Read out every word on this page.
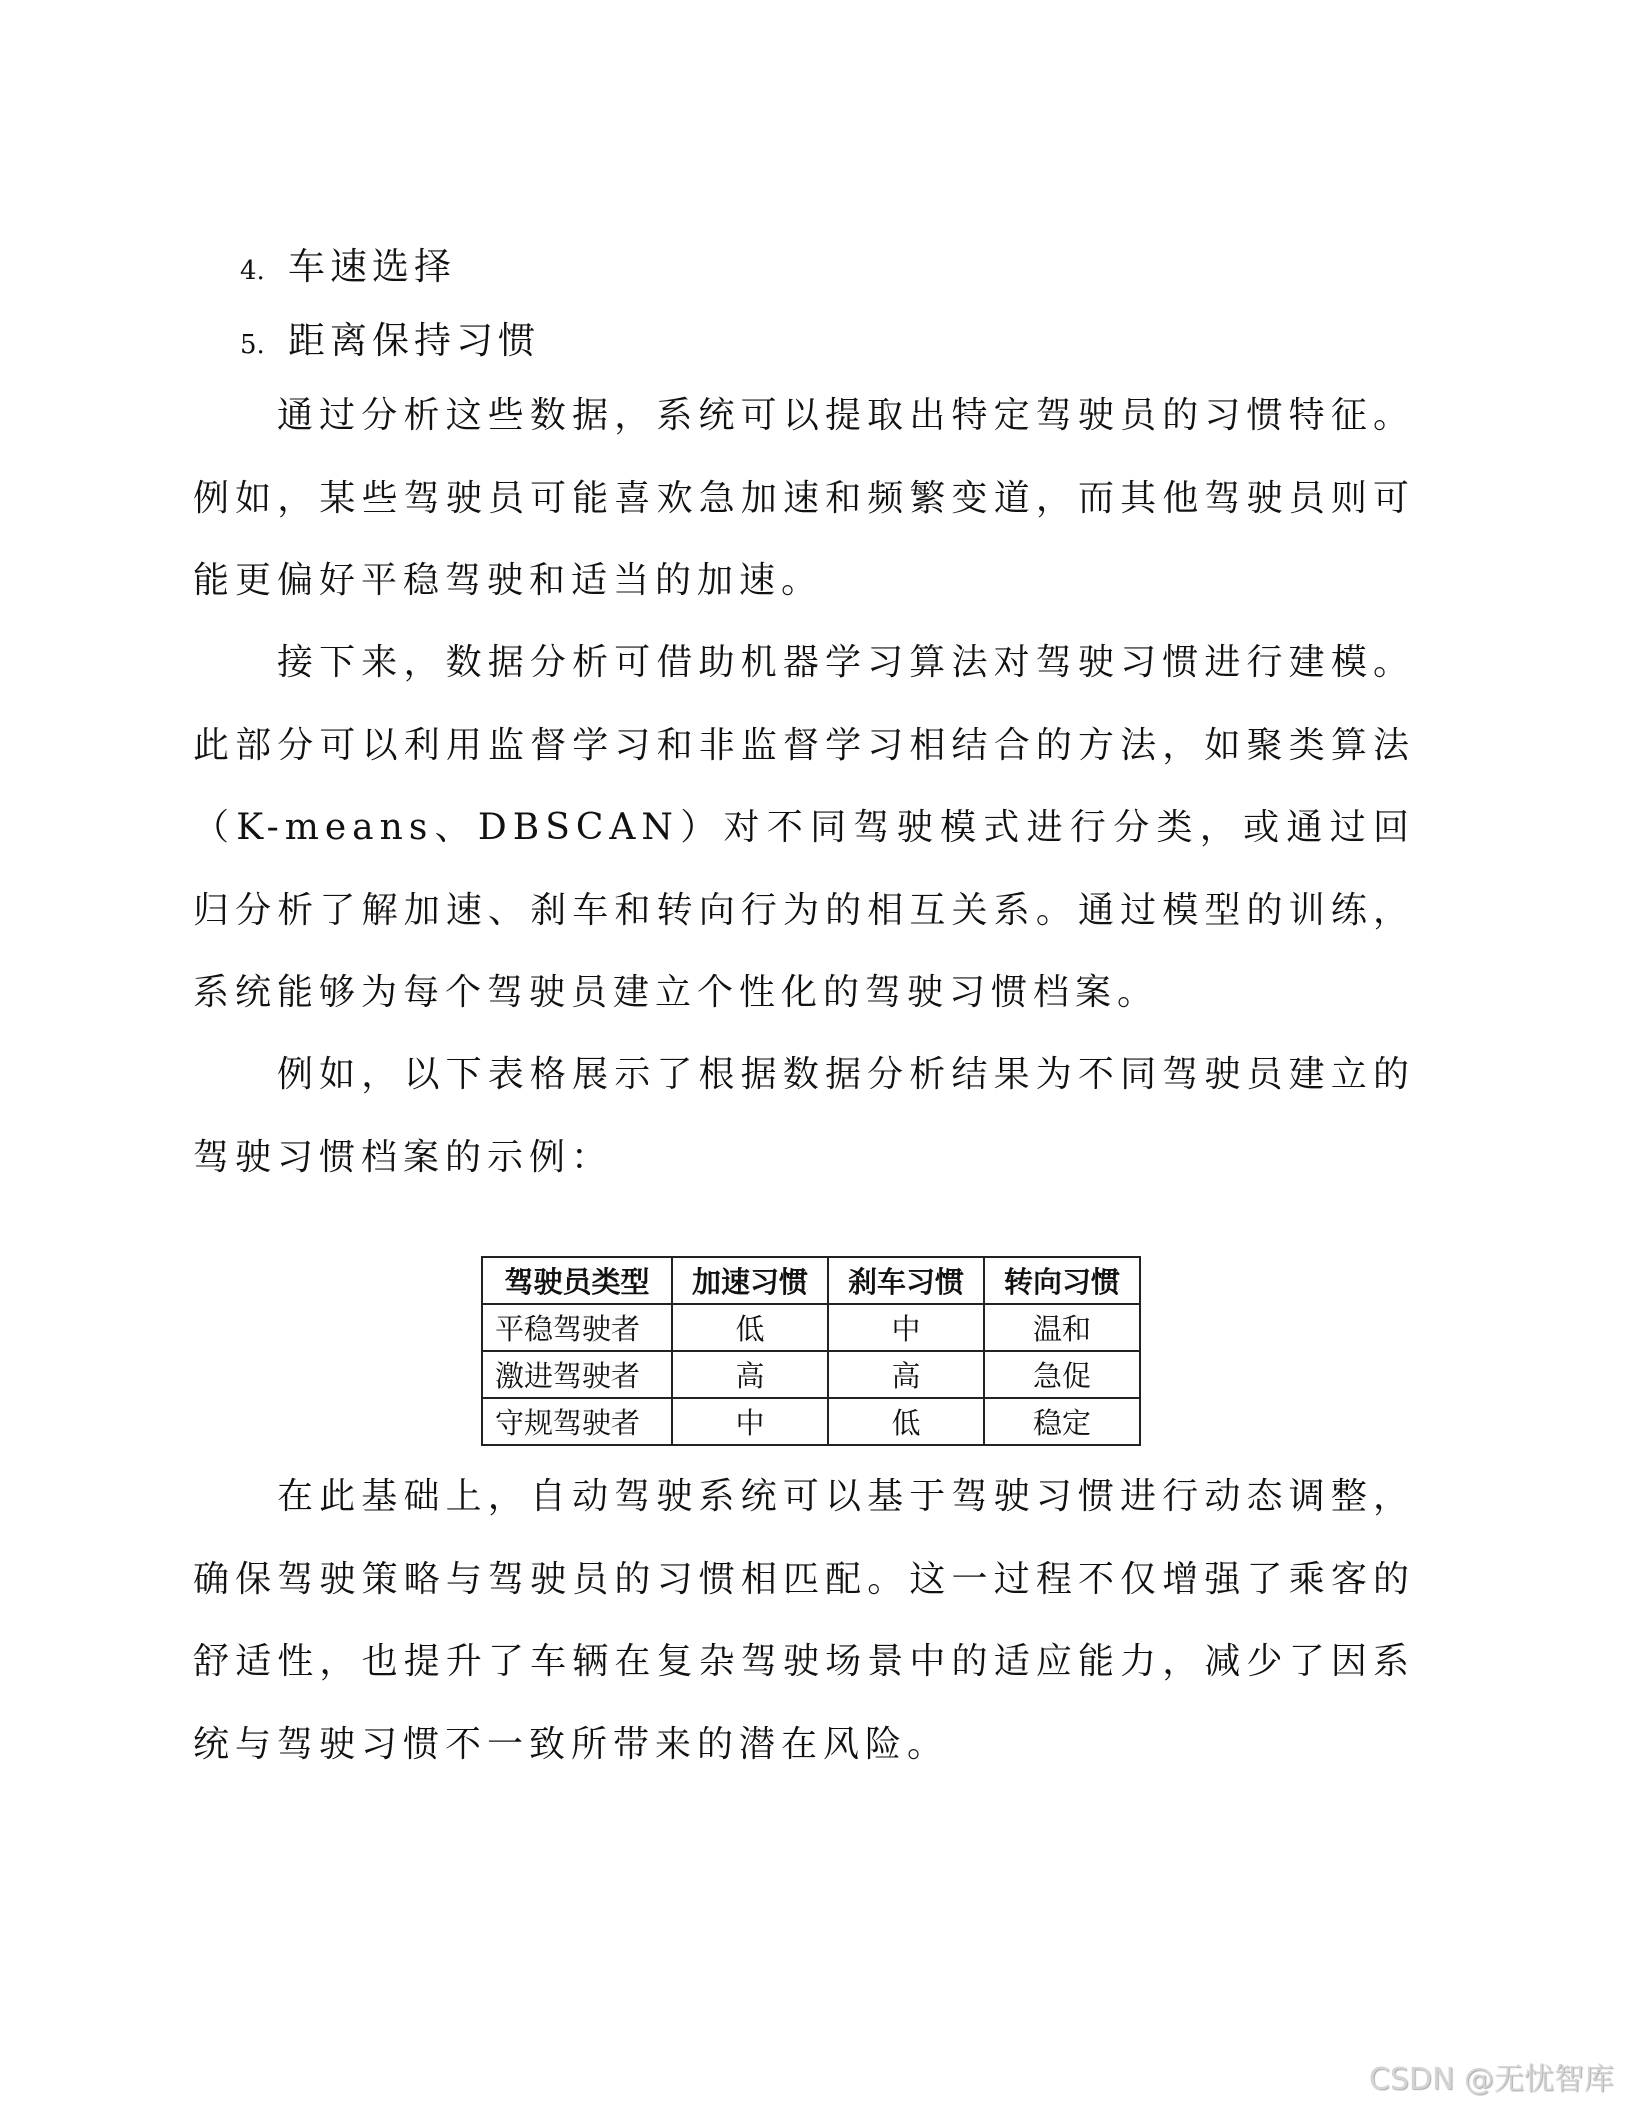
4. 车速选择
5. 距离保持习惯

通过分析这些数据，系统可以提取出特定驾驶员的习惯特征。例如，某些驾驶员可能喜欢急加速和频繁变道，而其他驾驶员则可能更偏好平稳驾驶和适当的加速。

接下来，数据分析可借助机器学习算法对驾驶习惯进行建模。此部分可以利用监督学习和非监督学习相结合的方法，如聚类算法（K-means、DBSCAN）对不同驾驶模式进行分类，或通过回归分析了解加速、刹车和转向行为的相互关系。通过模型的训练，系统能够为每个驾驶员建立个性化的驾驶习惯档案。

例如，以下表格展示了根据数据分析结果为不同驾驶员建立的驾驶习惯档案的示例：

驾驶员类型	加速习惯	刹车习惯	转向习惯
平稳驾驶者	低	中	温和
激进驾驶者	高	高	急促
守规驾驶者	中	低	稳定

在此基础上，自动驾驶系统可以基于驾驶习惯进行动态调整，确保驾驶策略与驾驶员的习惯相匹配。这一过程不仅增强了乘客的舒适性，也提升了车辆在复杂驾驶场景中的适应能力，减少了因系统与驾驶习惯不一致所带来的潜在风险。

CSDN @无忧智库
